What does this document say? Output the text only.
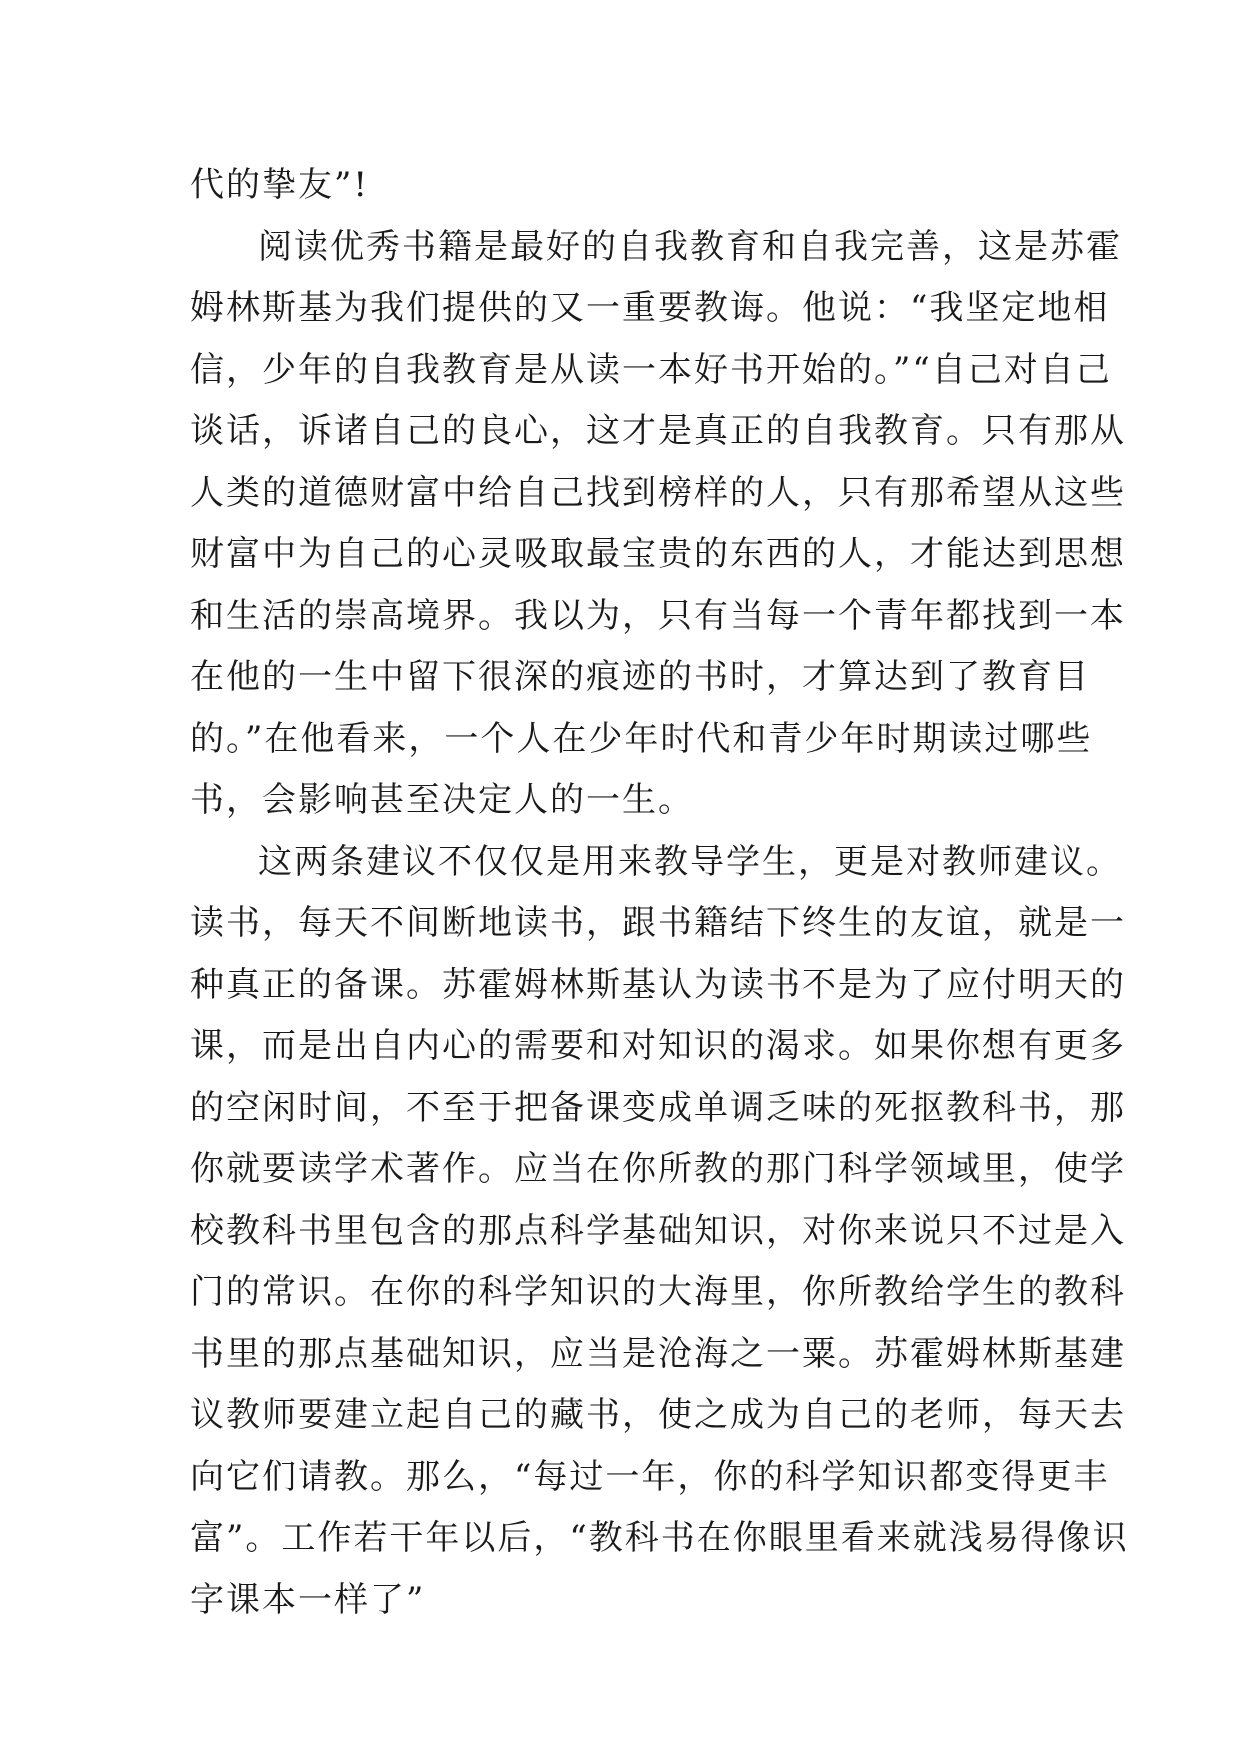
代的挚友”!
阅读优秀书籍是最好的自我教育和自我完善，这是苏霍
姆林斯基为我们提供的又一重要教诲。他说：“我坚定地相
信，少年的自我教育是从读一本好书开始的。”“自己对自己
谈话，诉诸自己的良心，这才是真正的自我教育。只有那从
人类的道德财富中给自己找到榜样的人，只有那希望从这些
财富中为自己的心灵吸取最宝贵的东西的人，才能达到思想
和生活的崇高境界。我以为，只有当每一个青年都找到一本
在他的一生中留下很深的痕迹的书时，才算达到了教育目
的。”在他看来，一个人在少年时代和青少年时期读过哪些
书，会影响甚至决定人的一生。
这两条建议不仅仅是用来教导学生，更是对教师建议。
读书，每天不间断地读书，跟书籍结下终生的友谊，就是一
种真正的备课。苏霍姆林斯基认为读书不是为了应付明天的
课，而是出自内心的需要和对知识的渴求。如果你想有更多
的空闲时间，不至于把备课变成单调乏味的死抠教科书，那
你就要读学术著作。应当在你所教的那门科学领域里，使学
校教科书里包含的那点科学基础知识，对你来说只不过是入
门的常识。在你的科学知识的大海里，你所教给学生的教科
书里的那点基础知识，应当是沧海之一粟。苏霍姆林斯基建
议教师要建立起自己的藏书，使之成为自己的老师，每天去
向它们请教。那么，“每过一年，你的科学知识都变得更丰
富”。工作若干年以后，“教科书在你眼里看来就浅易得像识
字课本一样了”
